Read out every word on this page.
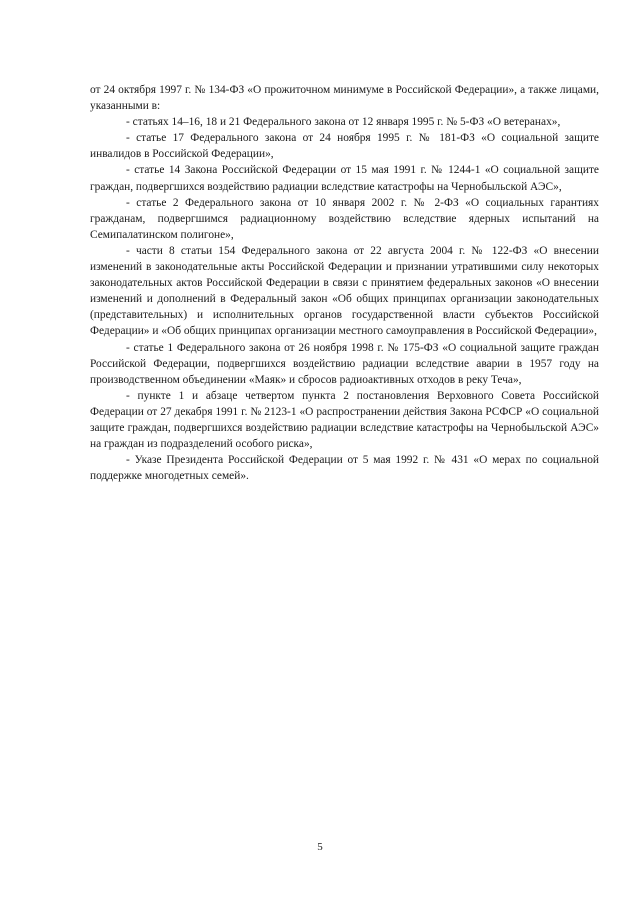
от 24 октября 1997 г. № 134-ФЗ «О прожиточном минимуме в Российской Федерации», а также лицами, указанными в:

- статьях 14–16, 18 и 21 Федерального закона от 12 января 1995 г. № 5-ФЗ «О ветеранах»,

- статье 17 Федерального закона от 24 ноября 1995 г. № 181-ФЗ «О социальной защите инвалидов в Российской Федерации»,

- статье 14 Закона Российской Федерации от 15 мая 1991 г. № 1244-1 «О социальной защите граждан, подвергшихся воздействию радиации вследствие катастрофы на Чернобыльской АЭС»,

- статье 2 Федерального закона от 10 января 2002 г. № 2-ФЗ «О социальных гарантиях гражданам, подвергшимся радиационному воздействию вследствие ядерных испытаний на Семипалатинском полигоне»,

- части 8 статьи 154 Федерального закона от 22 августа 2004 г. № 122-ФЗ «О внесении изменений в законодательные акты Российской Федерации и признании утратившими силу некоторых законодательных актов Российской Федерации в связи с принятием федеральных законов «О внесении изменений и дополнений в Федеральный закон «Об общих принципах организации законодательных (представительных) и исполнительных органов государственной власти субъектов Российской Федерации» и «Об общих принципах организации местного самоуправления в Российской Федерации»,

- статье 1 Федерального закона от 26 ноября 1998 г. № 175-ФЗ «О социальной защите граждан Российской Федерации, подвергшихся воздействию радиации вследствие аварии в 1957 году на производственном объединении «Маяк» и сбросов радиоактивных отходов в реку Теча»,

- пункте 1 и абзаце четвертом пункта 2 постановления Верховного Совета Российской Федерации от 27 декабря 1991 г. № 2123-1 «О распространении действия Закона РСФСР «О социальной защите граждан, подвергшихся воздействию радиации вследствие катастрофы на Чернобыльской АЭС» на граждан из подразделений особого риска»,

- Указе Президента Российской Федерации от 5 мая 1992 г. № 431 «О мерах по социальной поддержке многодетных семей».

5
